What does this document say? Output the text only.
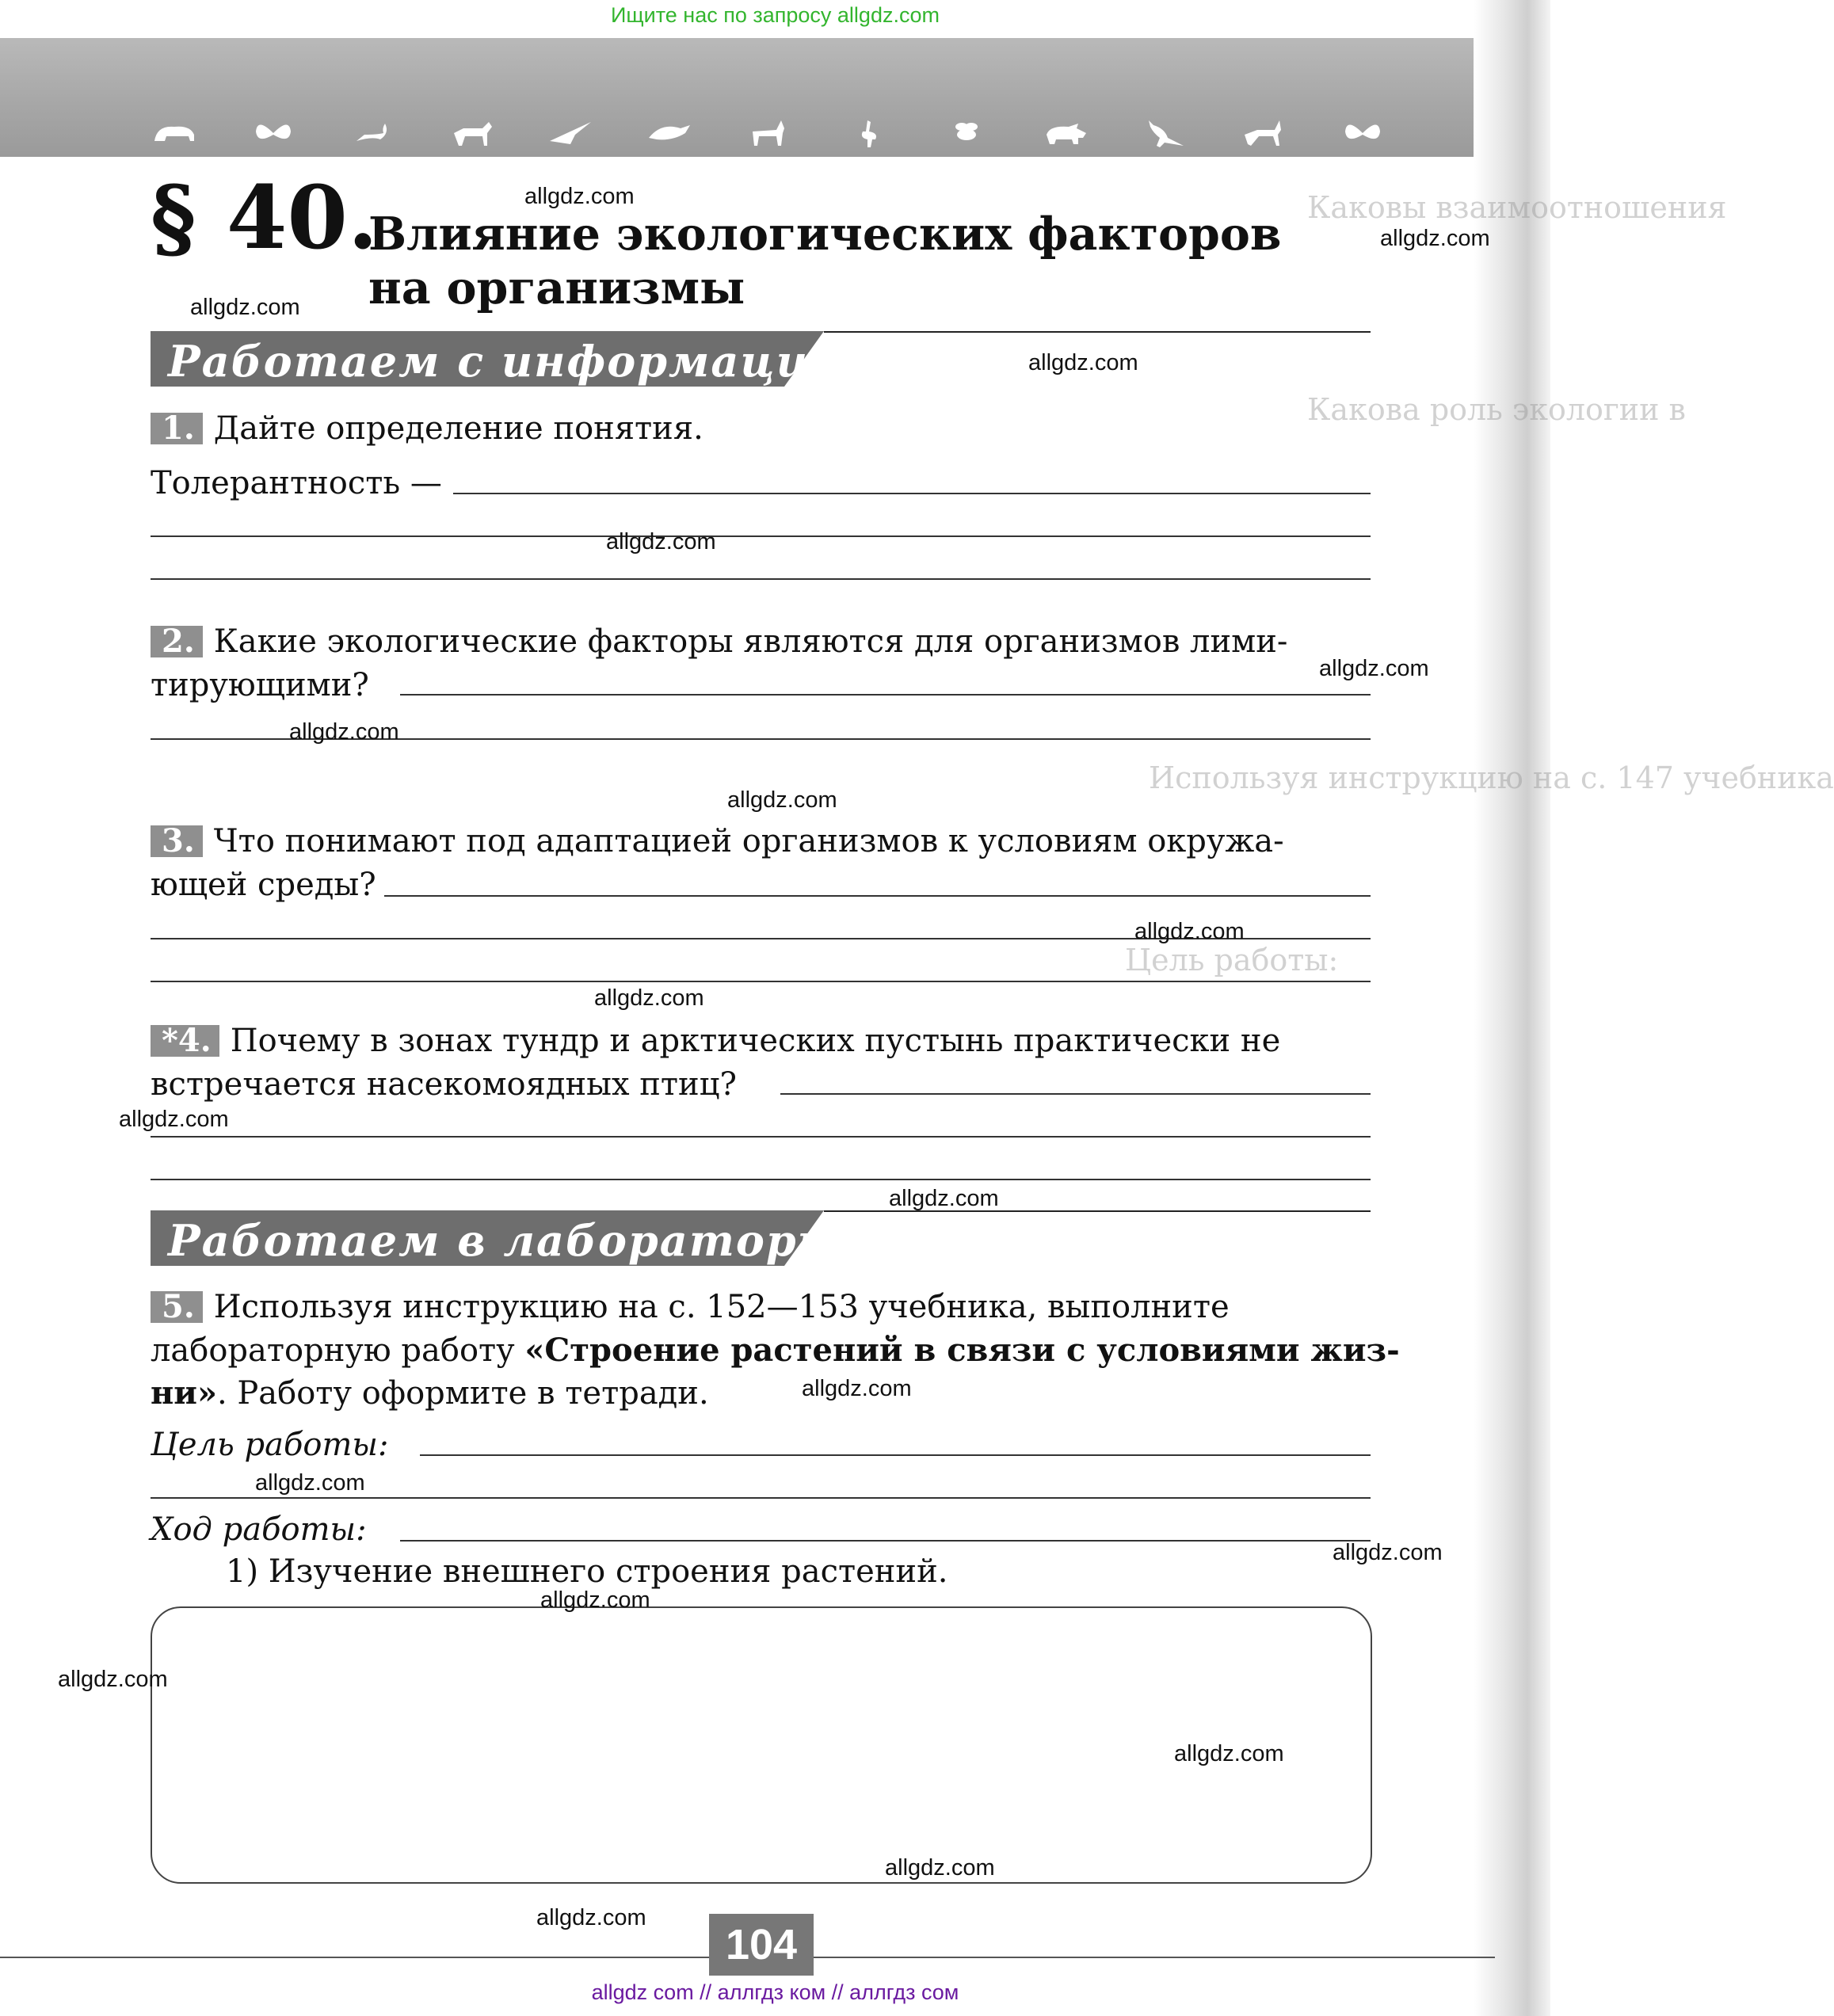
Ищите нас по запросу allgdz.com
Каковы взаимоотношения
Какова роль экологии в
Используя инструкцию на с. 147 учебника
Цель работы:
§ 40.
Влияние экологических факторов
на организмы
Работаем с информацией
1. Дайте определение понятия.
Толерантность —
2. Какие экологические факторы являются для организмов лими-
тирующими?
3. Что понимают под адаптацией организмов к условиям окружа-
ющей среды?
*4. Почему в зонах тундр и арктических пустынь практически не
встречается насекомоядных птиц?
Работаем в лаборатории
5. Используя инструкцию на с. 152—153 учебника, выполните
лабораторную работу «Строение растений в связи с условиями жиз-
ни». Работу оформите в тетради.
Цель работы:
Ход работы:
1) Изучение внешнего строения растений.
104
allgdz.com
allgdz.com
allgdz.com
allgdz.com
allgdz.com
allgdz.com
allgdz.com
allgdz.com
allgdz.com
allgdz.com
allgdz.com
allgdz.com
allgdz.com
allgdz.com
allgdz.com
allgdz.com
allgdz.com
allgdz.com
allgdz.com
allgdz.com
allgdz com // аллгдз ком // аллгдз сом
